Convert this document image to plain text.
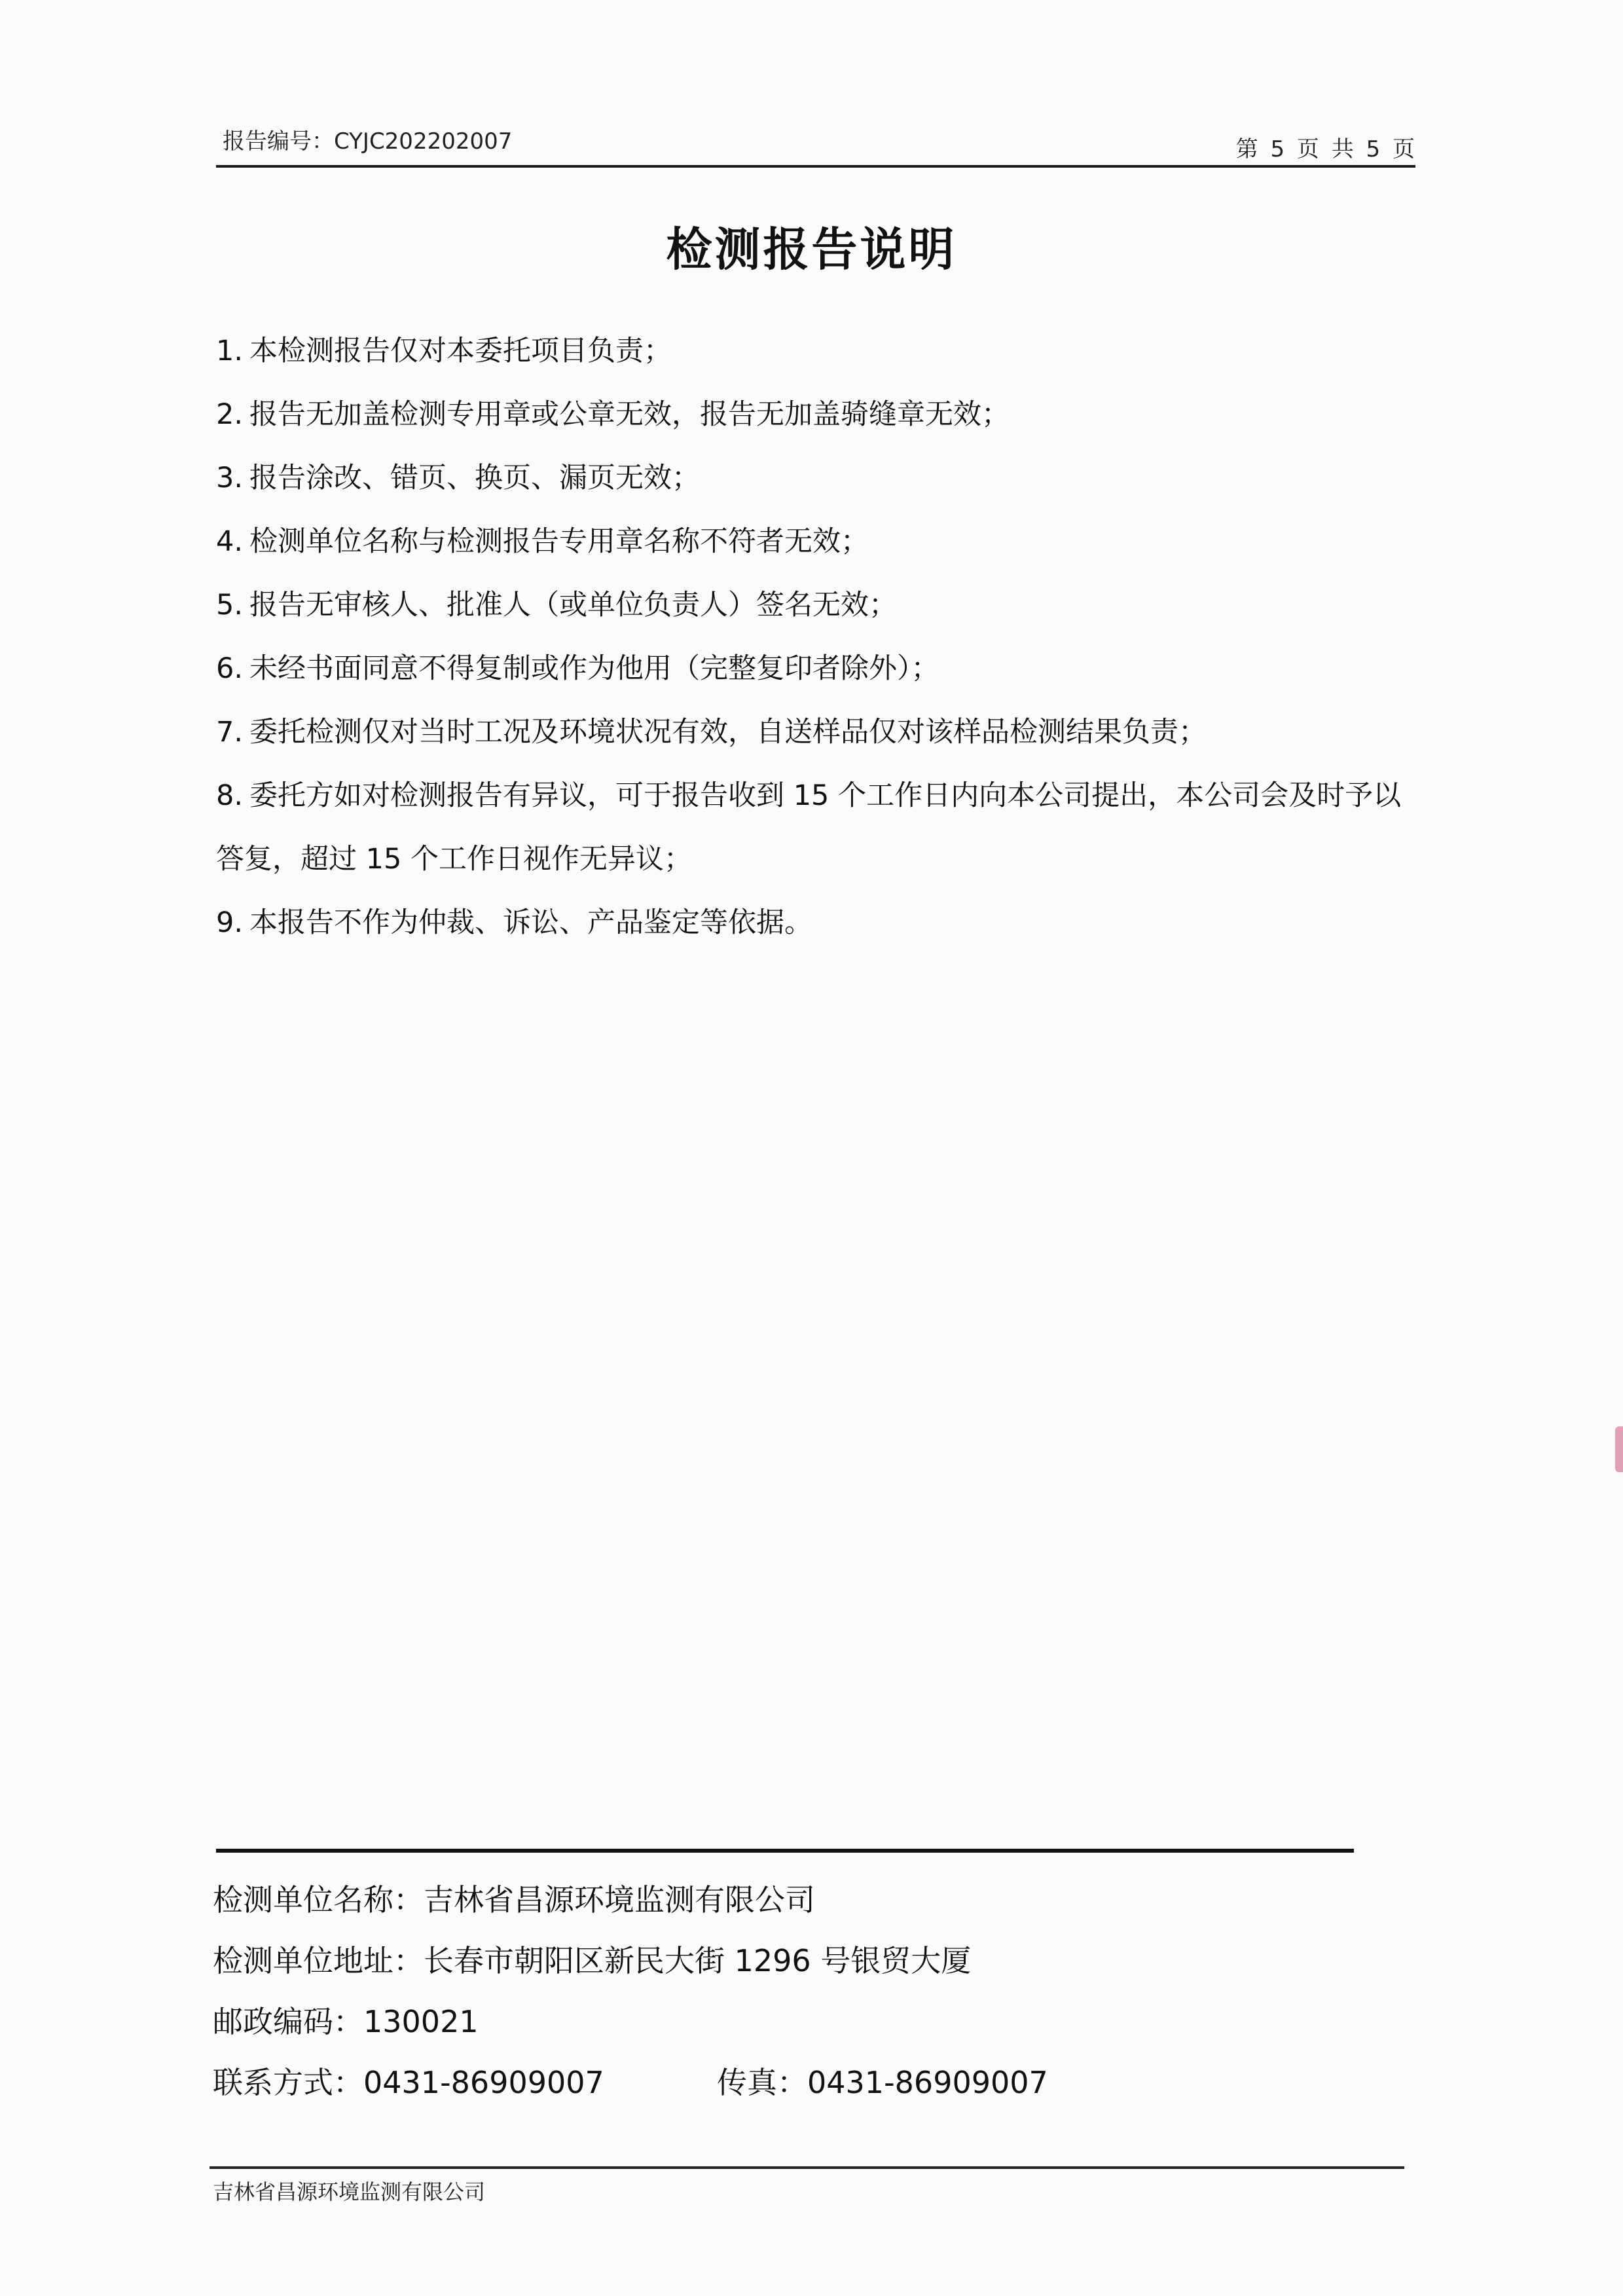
报告编号：CYJC202202007	第 5 页 共 5 页
检测报告说明
1. 本检测报告仅对本委托项目负责；
2. 报告无加盖检测专用章或公章无效，报告无加盖骑缝章无效；
3. 报告涂改、错页、换页、漏页无效；
4. 检测单位名称与检测报告专用章名称不符者无效；
5. 报告无审核人、批准人（或单位负责人）签名无效；
6. 未经书面同意不得复制或作为他用（完整复印者除外）；
7. 委托检测仅对当时工况及环境状况有效，自送样品仅对该样品检测结果负责；
8. 委托方如对检测报告有异议，可于报告收到 15 个工作日内向本公司提出，本公司会及时予以答复，超过 15 个工作日视作无异议；
9. 本报告不作为仲裁、诉讼、产品鉴定等依据。
检测单位名称：吉林省昌源环境监测有限公司
检测单位地址：长春市朝阳区新民大街 1296 号银贸大厦
邮政编码：130021
联系方式：0431-86909007	传真：0431-86909007
吉林省昌源环境监测有限公司
